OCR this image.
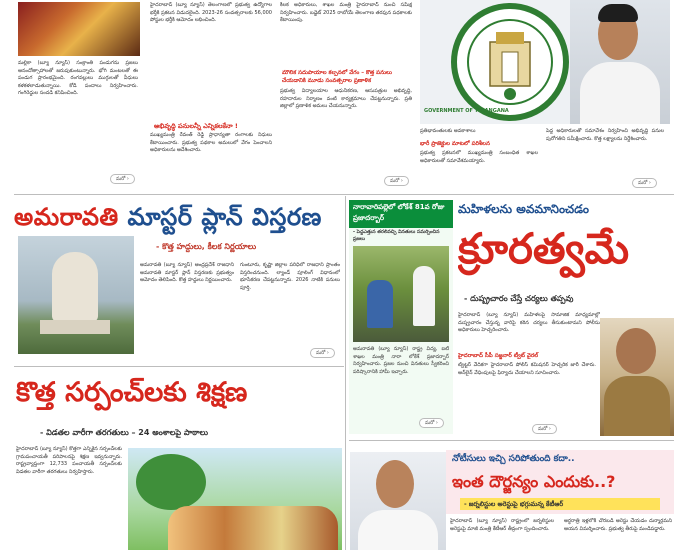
మల్లికా (బ్యూ న్యూస్) సంక్రాంతి పండుగను ప్రజలు ఆనందోత్సాహాలతో జరుపుకుంటున్నారు. భోగి మంటలతో ఈ పండుగ ప్రారంభమైంది. రంగవల్లులు ముగ్గులతో వీధులు కళకళలాడుతున్నాయి. కోడి పందాలు నిర్వహించారు. గంగిరెద్దుల సందడి కనిపించింది.
మరో ›
హైదరాబాద్ (బ్యూ న్యూస్) తెలంగాణలో ప్రభుత్వ ఉద్యోగాల భర్తీకి ప్రకటన విడుదలైంది. 2023-26 సంవత్సరాలకు 56,000 పోస్టుల భర్తీకి ఆమోదం లభించింది.
అభివృద్ధి పనులన్నీ ఎన్నికలకేనా !
ముఖ్యమంత్రి రేవంత్ రెడ్డి ప్రాధాన్యతా రంగాలకు నిధులు కేటాయించారు. ప్రభుత్వ పథకాల అమలులో వేగం పెంచాలని అధికారులను ఆదేశించారు.
కీలక అధికారులు, శాఖల మంత్రి హైదరాబాద్ నుంచి సమీక్ష నిర్వహించారు. బడ్జెట్ 2025 రాబోయే తెలంగాణ తరఫున పథకాలకు కేటాయింపు.
మౌలిక సదుపాయాల కల్పనలో వేగం – కొత్త పనులు చేయడానికి మూడు సంవత్సరాల ప్రణాళిక
ప్రభుత్వ విద్యాలయాల ఆధునీకరణ, ఆసుపత్రుల అభివృద్ధి, రహదారుల నిర్మాణం వంటి కార్యక్రమాలు చేపట్టనున్నారు. ప్రతి జిల్లాలో ప్రణాళిక అమలు చేయనున్నారు.
మరో ›
GOVERNMENT OF TELANGANA
ప్రతిభావంతులకు అవకాశాలు
భారీ ప్రాజెక్టుల మాటలో పరిశీలన
ప్రభుత్వ ప్రకటనలో ముఖ్యమంత్రి సంబంధిత శాఖల అధికారులతో సమావేశమయ్యారు.
పెద్ద అధికారులతో సమావేశం నిర్వహించి అభివృద్ధి పనుల పురోగతిని సమీక్షించారు. కొత్త లక్ష్యాలను నిర్దేశించారు.
మరో ›
అమరావతి మాస్టర్ ప్లాన్ విస్తరణ
- కొత్త హద్దులు, కీలక నిర్ణయాలు
అమరావతి (బ్యూ న్యూస్) ఆంధ్రప్రదేశ్ రాజధాని అమరావతి మాస్టర్ ప్లాన్ విస్తరణకు ప్రభుత్వం ఆమోదం తెలిపింది. కొత్త హద్దులు నిర్ణయించారు.
గుంటూరు, కృష్ణా జిల్లాల పరిధిలో రాజధాని ప్రాంతం విస్తరించనుంది. ల్యాండ్ పూలింగ్ విధానంలో భూసేకరణ చేపట్టనున్నారు. 2026 నాటికి పనులు పూర్తి.
మరో ›
నారావారిపల్లెలో లోకేశ్ 81వ రోజు ప్రజాదర్బార్
- పెద్దఎత్తున తరలివచ్చి వినతులు సమర్పించిన ప్రజలు
అమరావతి (బ్యూ న్యూస్) రాష్ట్ర విద్య, ఐటీ శాఖల మంత్రి నారా లోకేశ్ ప్రజాదర్బార్ నిర్వహించారు. ప్రజల నుంచి వినతులు స్వీకరించి పరిష్కారానికి హామీ ఇచ్చారు.
మరో ›
మహిళలను అవమానించడం
క్రూరత్వమే
- దుష్ప్రచారం చేస్తే చర్యలు తప్పవు
హైదరాబాద్ (బ్యూ న్యూస్) మహిళలపై సామాజిక మాధ్యమాల్లో దుష్ప్రచారం చేస్తున్న వారిపై కఠిన చర్యలు తీసుకుంటామని పోలీసు అధికారులు హెచ్చరించారు.
హైదరాబాద్ సీపీ సజ్జనార్ ట్వీట్ వైరల్
ట్విట్టర్ వేదికగా హైదరాబాద్ పోలీస్ కమిషనర్ హెచ్చరిక జారీ చేశారు. ఆన్‌లైన్ వేధింపులపై ఫిర్యాదు చేయాలని సూచించారు.
మరో ›
కొత్త సర్పంచ్‌లకు శిక్షణ
- విడతల వారీగా తరగతులు – 24 అంశాలపై పాఠాలు
హైదరాబాద్ (బ్యూ న్యూస్) కొత్తగా ఎన్నికైన సర్పంచ్‌లకు గ్రామపంచాయతీ పరిపాలనపై శిక్షణ ఇవ్వనున్నారు. రాష్ట్రవ్యాప్తంగా 12,733 పంచాయతీ సర్పంచ్‌లకు విడతల వారీగా తరగతులు నిర్వహిస్తారు.
నోటీసులు ఇచ్చి సరిపోతుంది కదా..
ఇంత దౌర్జన్యం ఎందుకు..?
- జర్నలిస్టుల అరెస్టుపై భగ్గుమన్న కేటీఆర్
హైదరాబాద్ (బ్యూ న్యూస్) రాష్ట్రంలో జర్నలిస్టుల అరెస్టుపై మాజీ మంత్రి కేటీఆర్ తీవ్రంగా స్పందించారు.
అర్ధరాత్రి ఇళ్లలోకి చొరబడి అరెస్టు చేయడం దుర్మార్గమని ఆయన విమర్శించారు. ప్రభుత్వ తీరుపై మండిపడ్డారు.
